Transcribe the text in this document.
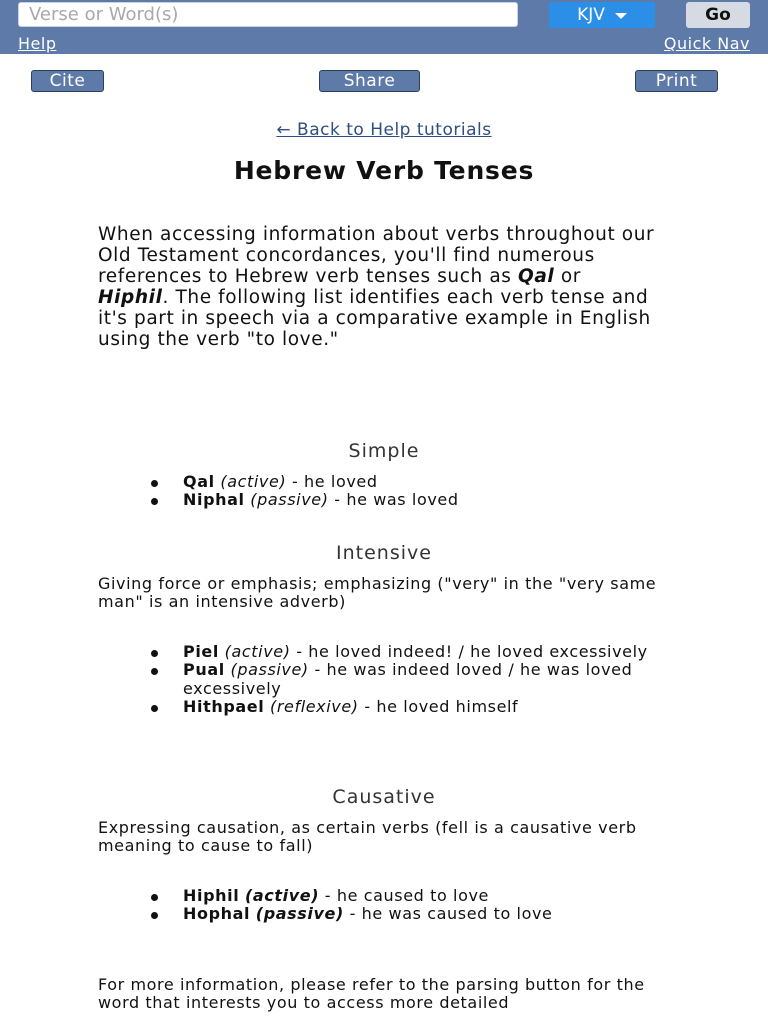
Verse or Word(s)
KJV	Go
Help	Quick Nav
Cite	Share	Print
← Back to Help tutorials
Hebrew Verb Tenses

When accessing information about verbs throughout our Old Testament concordances, you'll find numerous references to Hebrew verb tenses such as Qal or Hiphil. The following list identifies each verb tense and it's part in speech via a comparative example in English using the verb "to love."

Simple
Qal (active) - he loved
Niphal (passive) - he was loved
Intensive

Giving force or emphasis; emphasizing ("very" in the "very same man" is an intensive adverb)

Piel (active) - he loved indeed! / he loved excessively
Pual (passive) - he was indeed loved / he was loved excessively
Hithpael (reflexive) - he loved himself
Causative

Expressing causation, as certain verbs (fell is a causative verb meaning to cause to fall)

Hiphil (active) - he caused to love
Hophal (passive) - he was caused to love

For more information, please refer to the parsing button for the word that interests you to access more detailed
